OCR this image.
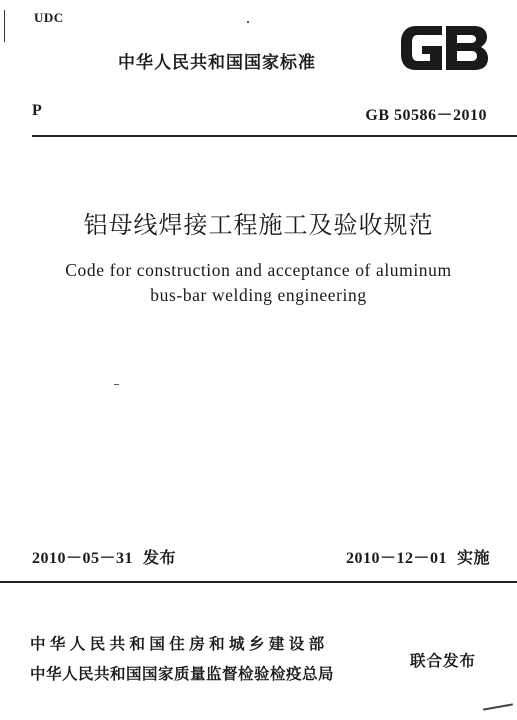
UDC
中华人民共和国国家标准
GB
P	GB 50586－2010
铝母线焊接工程施工及验收规范
Code for construction and acceptance of aluminum
bus-bar welding engineering
2010－05－31 发布	2010－12－01 实施
中华人民共和国住房和城乡建设部
中华人民共和国国家质量监督检验检疫总局
联合发布
